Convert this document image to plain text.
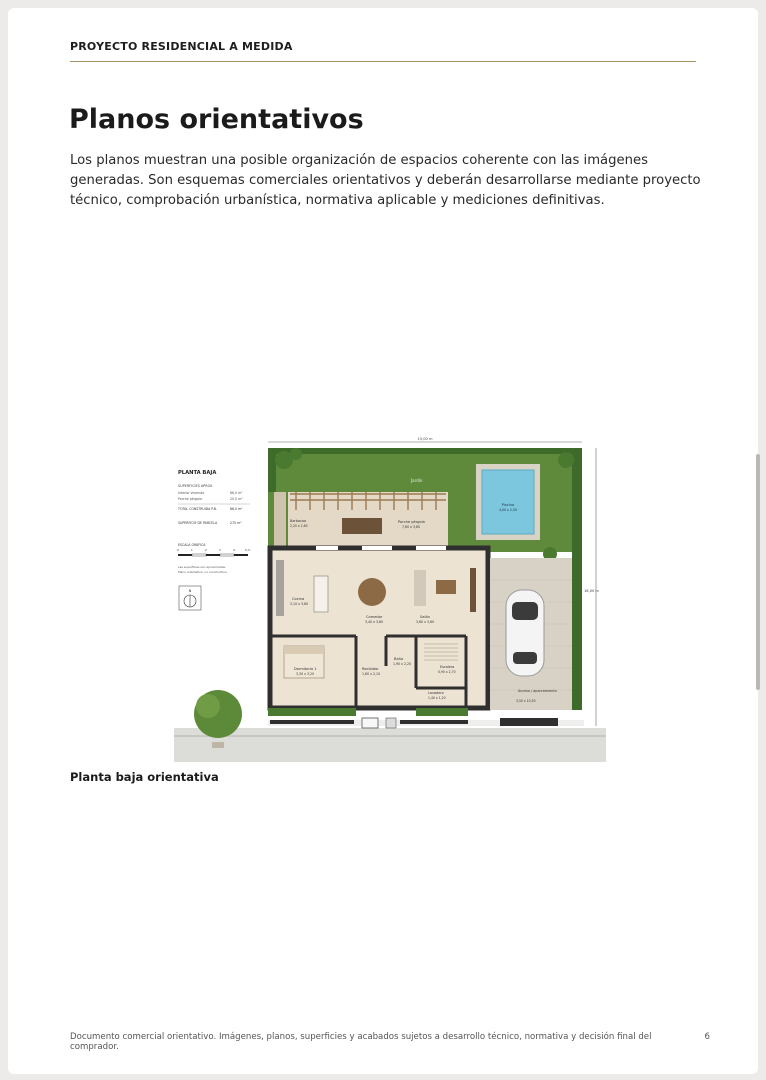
PROYECTO RESIDENCIAL A MEDIDA
Planos orientativos

Los planos muestran una posible organización de espacios coherente con las imágenes generadas. Son esquemas comerciales orientativos y deberán desarrollarse mediante proyecto técnico, comprobación urbanística, normativa aplicable y mediciones definitivas.

Jardín
Piscina
4,00 x 2,50
Porche pérgola
7,60 x 3,80
Barbacoa
2,20 x 2,60
Cocina
3,10 x 3,60
Comedor
3,40 x 3,60
Salón
3,60 x 3,60
Dormitorio 1
3,30 x 3,20
Recibidor
1,60 x 2,10
Baño
1,90 x 2,20
Escalera
0,90 x 2,70
Lavadero
1,40 x 1,20
Acceso / aparcamiento
3,50 x 10,50
15,00 m
18,00 m
PLANTA BAJA
SUPERFICIES APROX.
Interior vivienda	66,0 m²
Porche pérgola	20,0 m²
TOTAL CONSTRUIDA P.B.	86,0 m²
SUPERFICIE DE PARCELA	270 m²
ESCALA GRÁFICA
0	1	2	3	4	5 m
Las superficies son aproximadas.
Plano orientativo, no constructivo.
N
Planta baja orientativa
Documento comercial orientativo. Imágenes, planos, superficies y acabados sujetos a desarrollo técnico, normativa y decisión final del comprador.
6
